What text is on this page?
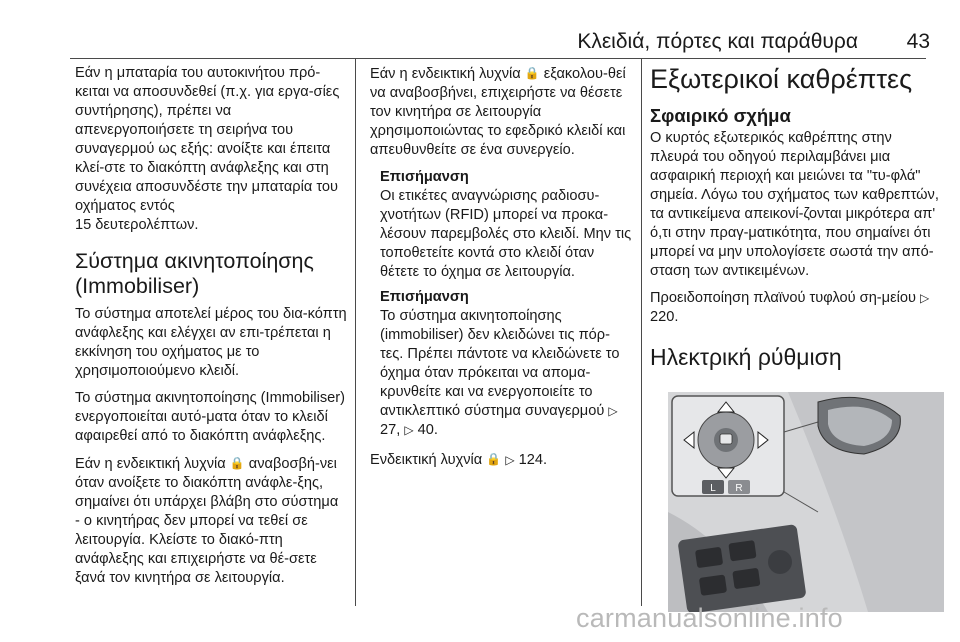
Κλειδιά, πόρτες και παράθυρα 43

Εάν η μπαταρία του αυτοκινήτου πρό-κειται να αποσυνδεθεί (π.χ. για εργα-σίες συντήρησης), πρέπει να απενεργοποιήσετε τη σειρήνα του συναγερμού ως εξής: ανοίξτε και έπειτα κλεί-στε το διακόπτη ανάφλεξης και στη συνέχεια αποσυνδέστε την μπαταρία του οχήματος εντός
15 δευτερολέπτων.

Σύστημα ακινητοποίησης (Immobiliser)

Το σύστημα αποτελεί μέρος του δια-κόπτη ανάφλεξης και ελέγχει αν επι-τρέπεται η εκκίνηση του οχήματος με το χρησιμοποιούμενο κλειδί.

Το σύστημα ακινητοποίησης (Immobiliser) ενεργοποιείται αυτό-ματα όταν το κλειδί αφαιρεθεί από το διακόπτη ανάφλεξης.

Εάν η ενδεικτική λυχνία 🔒 αναβοσβή-νει όταν ανοίξετε το διακόπτη ανάφλε-ξης, σημαίνει ότι υπάρχει βλάβη στο σύστημα - ο κινητήρας δεν μπορεί να τεθεί σε λειτουργία. Κλείστε το διακό-πτη ανάφλεξης και επιχειρήστε να θέ-σετε ξανά τον κινητήρα σε λειτουργία.

Εάν η ενδεικτική λυχνία 🔒 εξακολου-θεί να αναβοσβήνει, επιχειρήστε να θέσετε τον κινητήρα σε λειτουργία χρησιμοποιώντας το εφεδρικό κλειδί και απευθυνθείτε σε ένα συνεργείο.

Επισήμανση
Οι ετικέτες αναγνώρισης ραδιοσυ-χνοτήτων (RFID) μπορεί να προκα-λέσουν παρεμβολές στο κλειδί. Μην τις τοποθετείτε κοντά στο κλειδί όταν θέτετε το όχημα σε λειτουργία.
Επισήμανση
Το σύστημα ακινητοποίησης (immobiliser) δεν κλειδώνει τις πόρ-τες. Πρέπει πάντοτε να κλειδώνετε το όχημα όταν πρόκειται να απομα-κρυνθείτε και να ενεργοποιείτε το αντικλεπτικό σύστημα συναγερμού ▷ 27, ▷ 40.

Ενδεικτική λυχνία 🔒 ▷ 124.

Εξωτερικοί καθρέπτες
Σφαιρικό σχήμα

Ο κυρτός εξωτερικός καθρέπτης στην πλευρά του οδηγού περιλαμβάνει μια ασφαιρική περιοχή και μειώνει τα "τυ-φλά" σημεία. Λόγω του σχήματος των καθρεπτών, τα αντικείμενα απεικονί-ζονται μικρότερα απ' ό,τι στην πραγ-ματικότητα, που σημαίνει ότι μπορεί να μην υπολογίσετε σωστά την από-σταση των αντικειμένων.

Προειδοποίηση πλαϊνού τυφλού ση-μείου ▷ 220.

Ηλεκτρική ρύθμιση
L R
carmanualsonline.info
